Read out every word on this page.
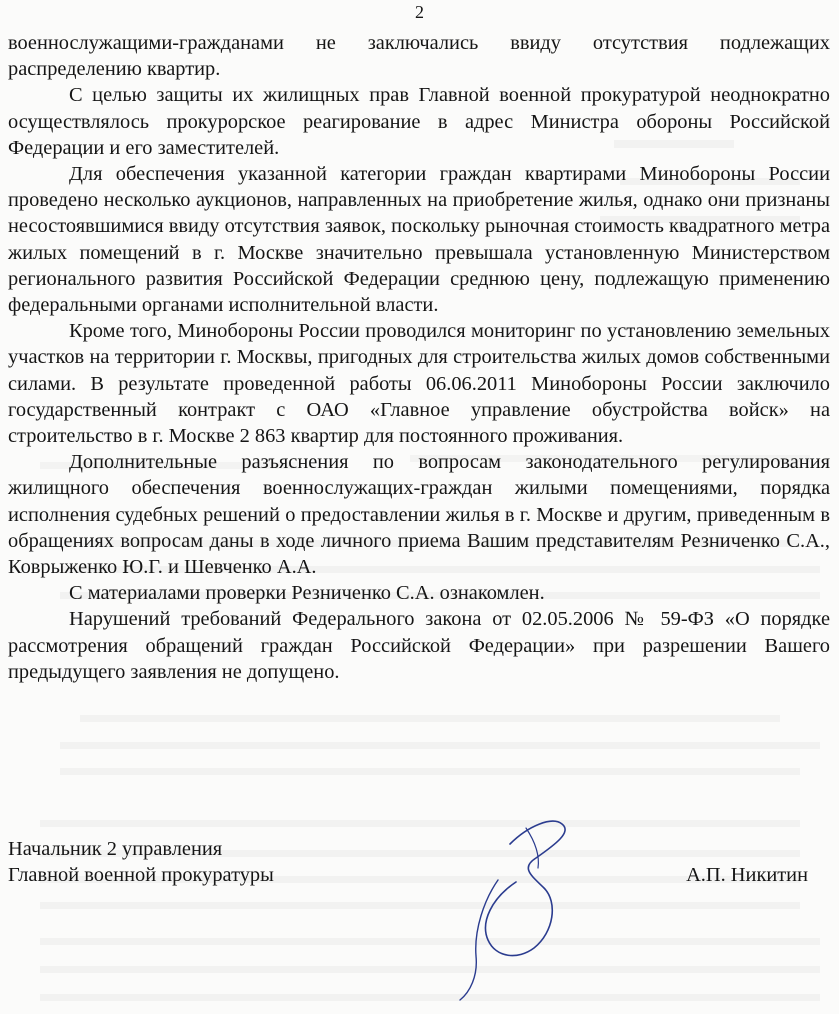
2

военнослужащими-гражданами не заключались ввиду отсутствия подлежащих распределению квартир.

С целью защиты их жилищных прав Главной военной прокуратурой неоднократно осуществлялось прокурорское реагирование в адрес Министра обороны Российской Федерации и его заместителей.

Для обеспечения указанной категории граждан квартирами Минобороны России проведено несколько аукционов, направленных на приобретение жилья, однако они признаны несостоявшимися ввиду отсутствия заявок, поскольку рыночная стоимость квадратного метра жилых помещений в г. Москве значительно превышала установленную Министерством регионального развития Российской Федерации среднюю цену, подлежащую применению федеральными органами исполнительной власти.

Кроме того, Минобороны России проводился мониторинг по установлению земельных участков на территории г. Москвы, пригодных для строительства жилых домов собственными силами. В результате проведенной работы 06.06.2011 Минобороны России заключило государственный контракт с ОАО «Главное управление обустройства войск» на строительство в г. Москве 2 863 квартир для постоянного проживания.

Дополнительные разъяснения по вопросам законодательного регулирования жилищного обеспечения военнослужащих-граждан жилыми помещениями, порядка исполнения судебных решений о предоставлении жилья в г. Москве и другим, приведенным в обращениях вопросам даны в ходе личного приема Вашим представителям Резниченко С.А., Коврыженко Ю.Г. и Шевченко А.А.

С материалами проверки Резниченко С.А. ознакомлен.

Нарушений требований Федерального закона от 02.05.2006 № 59-ФЗ «О порядке рассмотрения обращений граждан Российской Федерации» при разрешении Вашего предыдущего заявления не допущено.

Начальник 2 управления
Главной военной прокуратуры	А.П. Никитин
